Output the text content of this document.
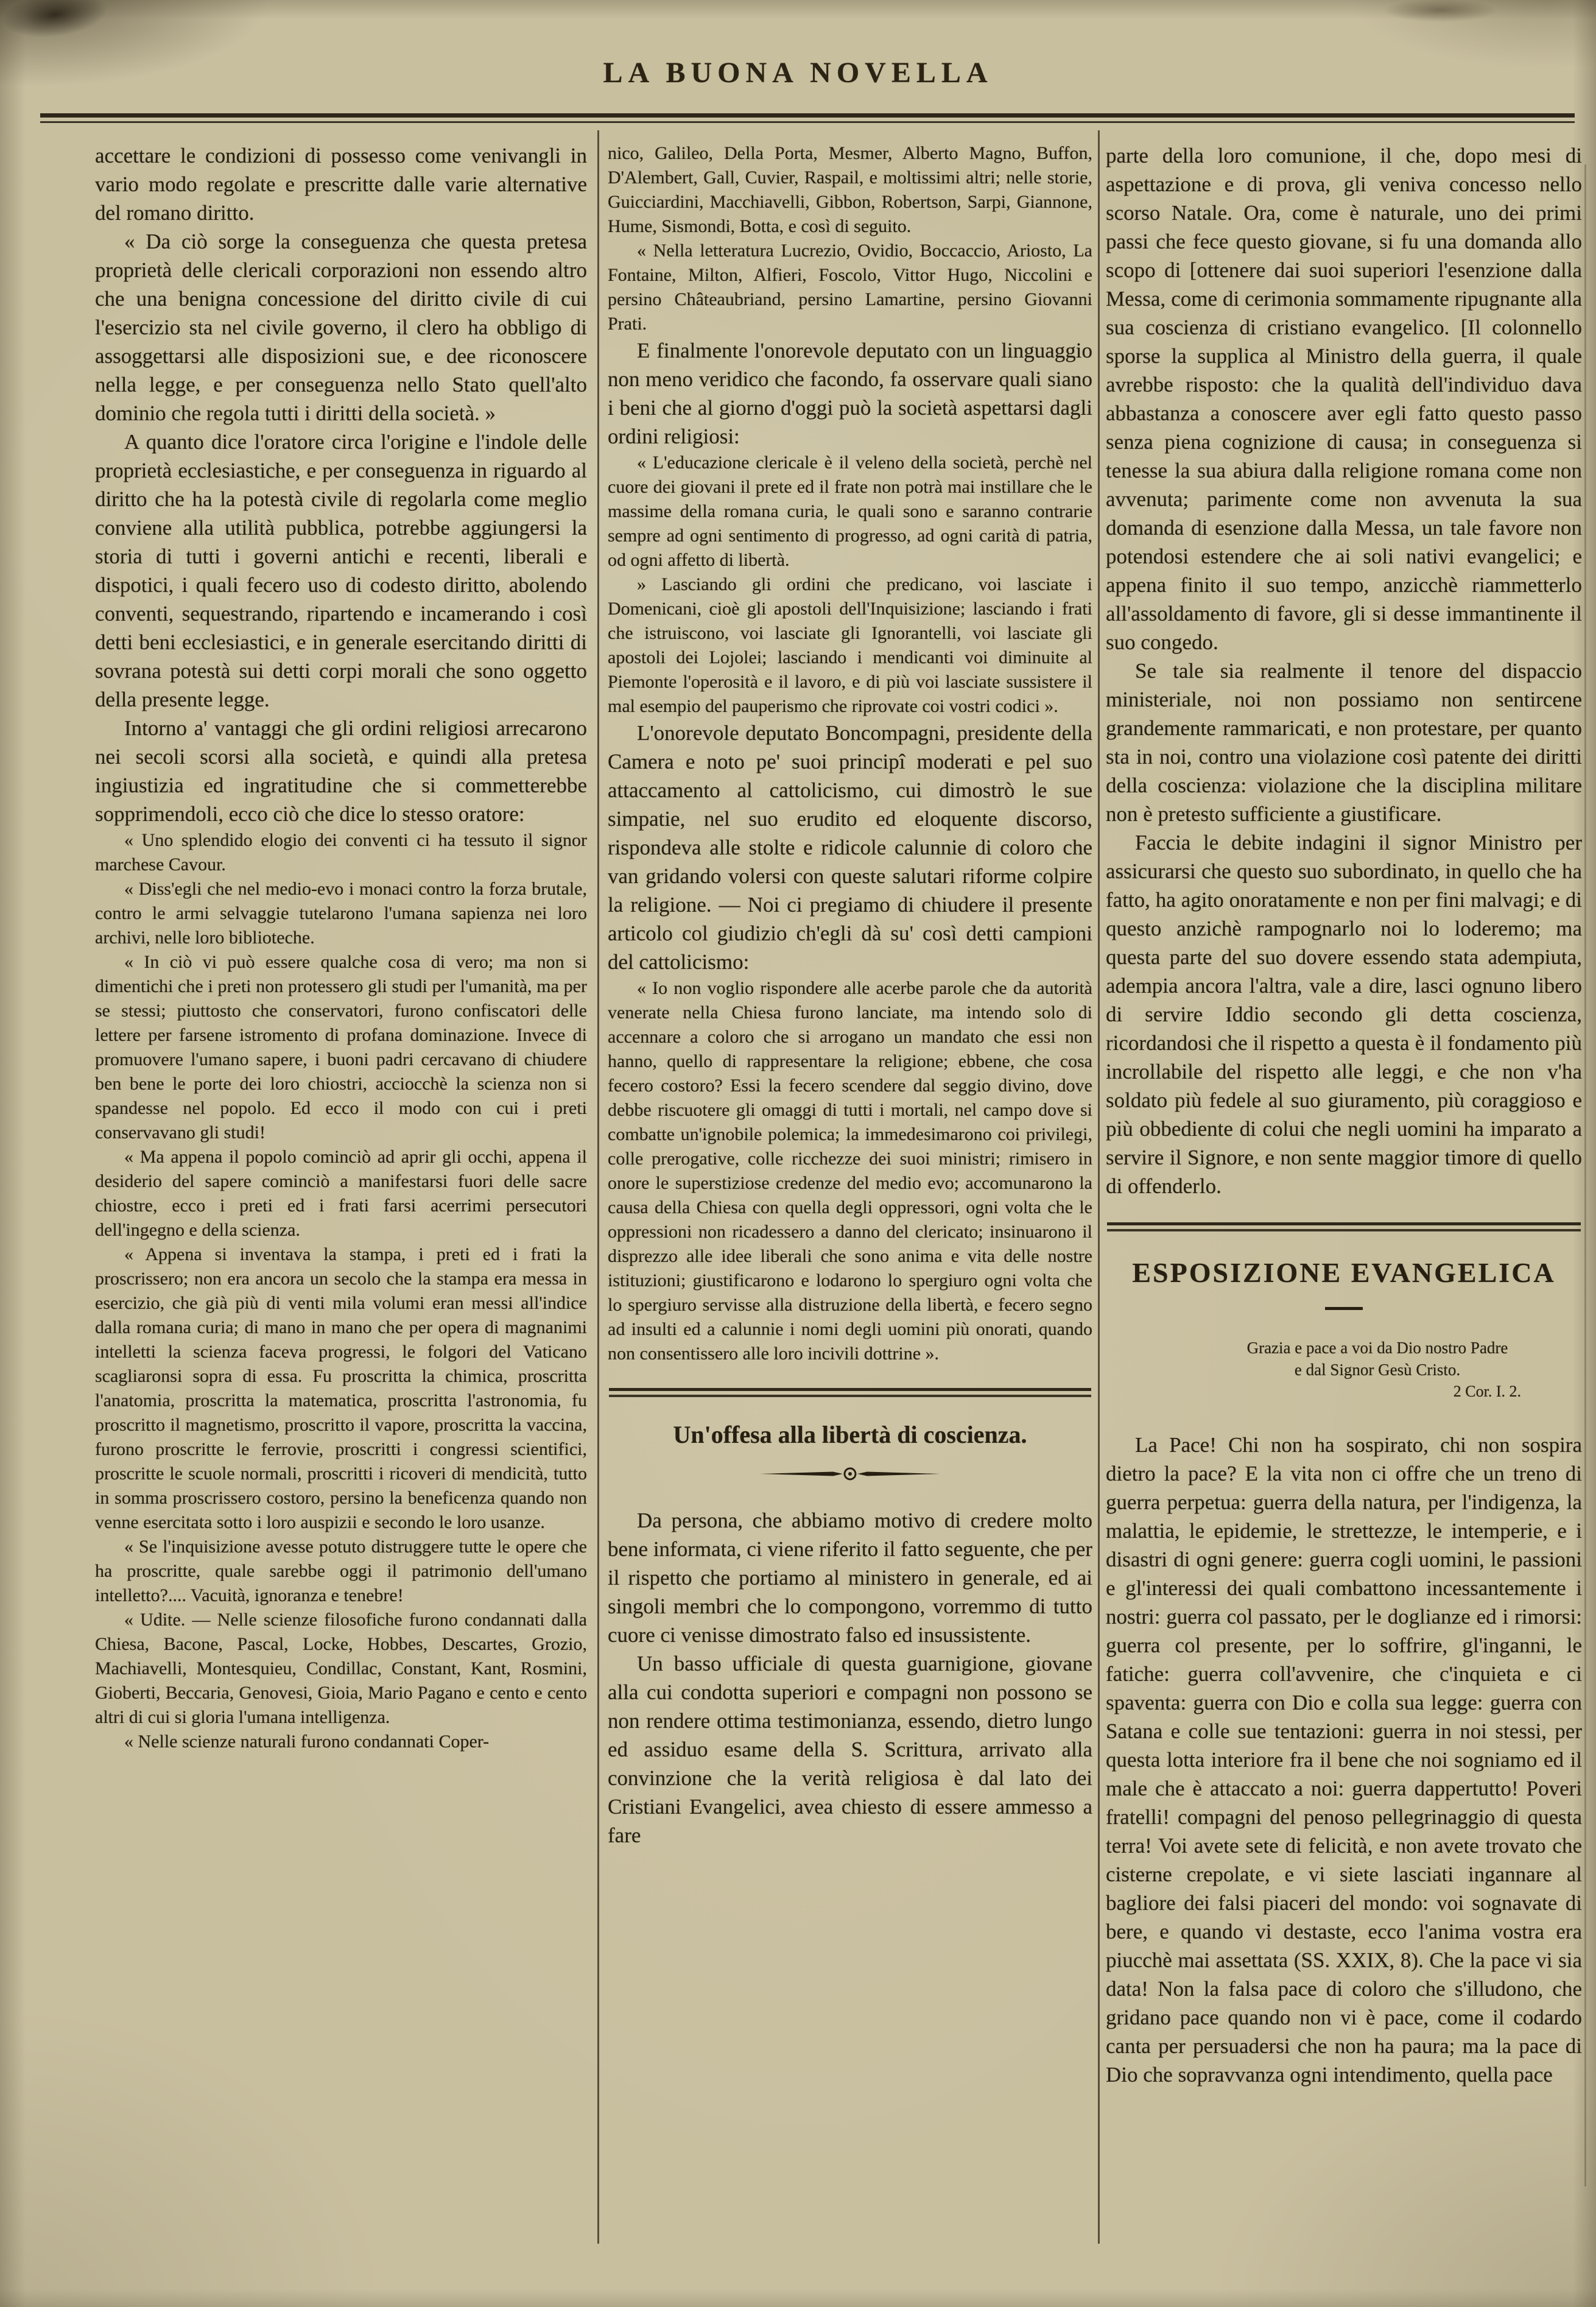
LA BUONA NOVELLA

accettare le condizioni di possesso come venivangli in vario modo regolate e prescritte dalle varie alternative del romano diritto.

« Da ciò sorge la conseguenza che questa pretesa proprietà delle clericali corporazioni non essendo altro che una benigna concessione del diritto civile di cui l'esercizio sta nel civile governo, il clero ha obbligo di assoggettarsi alle disposizioni sue, e dee riconoscere nella legge, e per conseguenza nello Stato quell'alto dominio che regola tutti i diritti della società. »

A quanto dice l'oratore circa l'origine e l'indole delle proprietà ecclesiastiche, e per conseguenza in riguardo al diritto che ha la potestà civile di regolarla come meglio conviene alla utilità pubblica, potrebbe aggiungersi la storia di tutti i governi antichi e recenti, liberali e dispotici, i quali fecero uso di codesto diritto, abolendo conventi, sequestrando, ripartendo e incamerando i così detti beni ecclesiastici, e in generale esercitando diritti di sovrana potestà sui detti corpi morali che sono oggetto della presente legge.

Intorno a' vantaggi che gli ordini religiosi arrecarono nei secoli scorsi alla società, e quindi alla pretesa ingiustizia ed ingratitudine che si commetterebbe sopprimendoli, ecco ciò che dice lo stesso oratore:

« Uno splendido elogio dei conventi ci ha tessuto il signor marchese Cavour.

« Diss'egli che nel medio-evo i monaci contro la forza brutale, contro le armi selvaggie tutelarono l'umana sapienza nei loro archivi, nelle loro biblioteche.

« In ciò vi può essere qualche cosa di vero; ma non si dimentichi che i preti non protessero gli studi per l'umanità, ma per se stessi; piuttosto che conservatori, furono confiscatori delle lettere per farsene istromento di profana dominazione. Invece di promuovere l'umano sapere, i buoni padri cercavano di chiudere ben bene le porte dei loro chiostri, acciocchè la scienza non si spandesse nel popolo. Ed ecco il modo con cui i preti conservavano gli studi!

« Ma appena il popolo cominciò ad aprir gli occhi, appena il desiderio del sapere cominciò a manifestarsi fuori delle sacre chiostre, ecco i preti ed i frati farsi acerrimi persecutori dell'ingegno e della scienza.

« Appena si inventava la stampa, i preti ed i frati la proscrissero; non era ancora un secolo che la stampa era messa in esercizio, che già più di venti mila volumi eran messi all'indice dalla romana curia; di mano in mano che per opera di magnanimi intelletti la scienza faceva progressi, le folgori del Vaticano scagliaronsi sopra di essa. Fu proscritta la chimica, proscritta l'anatomia, proscritta la matematica, proscritta l'astronomia, fu proscritto il magnetismo, proscritto il vapore, proscritta la vaccina, furono proscritte le ferrovie, proscritti i congressi scientifici, proscritte le scuole normali, proscritti i ricoveri di mendicità, tutto in somma proscrissero costoro, persino la beneficenza quando non venne esercitata sotto i loro auspizii e secondo le loro usanze.

« Se l'inquisizione avesse potuto distruggere tutte le opere che ha proscritte, quale sarebbe oggi il patrimonio dell'umano intelletto?.... Vacuità, ignoranza e tenebre!

« Udite. — Nelle scienze filosofiche furono condannati dalla Chiesa, Bacone, Pascal, Locke, Hobbes, Descartes, Grozio, Machiavelli, Montesquieu, Condillac, Constant, Kant, Rosmini, Gioberti, Beccaria, Genovesi, Gioia, Mario Pagano e cento e cento altri di cui si gloria l'umana intelligenza.

« Nelle scienze naturali furono condannati Coper-

nico, Galileo, Della Porta, Mesmer, Alberto Magno, Buffon, D'Alembert, Gall, Cuvier, Raspail, e moltissimi altri; nelle storie, Guicciardini, Macchiavelli, Gibbon, Robertson, Sarpi, Giannone, Hume, Sismondi, Botta, e così di seguito.

« Nella letteratura Lucrezio, Ovidio, Boccaccio, Ariosto, La Fontaine, Milton, Alfieri, Foscolo, Vittor Hugo, Niccolini e persino Châteaubriand, persino Lamartine, persino Giovanni Prati.

E finalmente l'onorevole deputato con un linguaggio non meno veridico che facondo, fa osservare quali siano i beni che al giorno d'oggi può la società aspettarsi dagli ordini religiosi:

« L'educazione clericale è il veleno della società, perchè nel cuore dei giovani il prete ed il frate non potrà mai instillare che le massime della romana curia, le quali sono e saranno contrarie sempre ad ogni sentimento di progresso, ad ogni carità di patria, od ogni affetto di libertà.

» Lasciando gli ordini che predicano, voi lasciate i Domenicani, cioè gli apostoli dell'Inquisizione; lasciando i frati che istruiscono, voi lasciate gli Ignorantelli, voi lasciate gli apostoli dei Lojolei; lasciando i mendicanti voi diminuite al Piemonte l'operosità e il lavoro, e di più voi lasciate sussistere il mal esempio del pauperismo che riprovate coi vostri codici ».

L'onorevole deputato Boncompagni, presidente della Camera e noto pe' suoi principî moderati e pel suo attaccamento al cattolicismo, cui dimostrò le sue simpatie, nel suo erudito ed eloquente discorso, rispondeva alle stolte e ridicole calunnie di coloro che van gridando volersi con queste salutari riforme colpire la religione. — Noi ci pregiamo di chiudere il presente articolo col giudizio ch'egli dà su' così detti campioni del cattolicismo:

« Io non voglio rispondere alle acerbe parole che da autorità venerate nella Chiesa furono lanciate, ma intendo solo di accennare a coloro che si arrogano un mandato che essi non hanno, quello di rappresentare la religione; ebbene, che cosa fecero costoro? Essi la fecero scendere dal seggio divino, dove debbe riscuotere gli omaggi di tutti i mortali, nel campo dove si combatte un'ignobile polemica; la immedesimarono coi privilegi, colle prerogative, colle ricchezze dei suoi ministri; rimisero in onore le superstiziose credenze del medio evo; accomunarono la causa della Chiesa con quella degli oppressori, ogni volta che le oppressioni non ricadessero a danno del clericato; insinuarono il disprezzo alle idee liberali che sono anima e vita delle nostre istituzioni; giustificarono e lodarono lo spergiuro ogni volta che lo spergiuro servisse alla distruzione della libertà, e fecero segno ad insulti ed a calunnie i nomi degli uomini più onorati, quando non consentissero alle loro incivili dottrine ».

Un'offesa alla libertà di coscienza.

Da persona, che abbiamo motivo di credere molto bene informata, ci viene riferito il fatto seguente, che per il rispetto che portiamo al ministero in generale, ed ai singoli membri che lo compongono, vorremmo di tutto cuore ci venisse dimostrato falso ed insussistente.

Un basso ufficiale di questa guarnigione, giovane alla cui condotta superiori e compagni non possono se non rendere ottima testimonianza, essendo, dietro lungo ed assiduo esame della S. Scrittura, arrivato alla convinzione che la verità religiosa è dal lato dei Cristiani Evangelici, avea chiesto di essere ammesso a fare

parte della loro comunione, il che, dopo mesi di aspettazione e di prova, gli veniva concesso nello scorso Natale. Ora, come è naturale, uno dei primi passi che fece questo giovane, si fu una domanda allo scopo di [ottenere dai suoi superiori l'esenzione dalla Messa, come di cerimonia sommamente ripugnante alla sua coscienza di cristiano evangelico. [Il colonnello sporse la supplica al Ministro della guerra, il quale avrebbe risposto: che la qualità dell'individuo dava abbastanza a conoscere aver egli fatto questo passo senza piena cognizione di causa; in conseguenza si tenesse la sua abiura dalla religione romana come non avvenuta; parimente come non avvenuta la sua domanda di esenzione dalla Messa, un tale favore non potendosi estendere che ai soli nativi evangelici; e appena finito il suo tempo, anzicchè riammetterlo all'assoldamento di favore, gli si desse immantinente il suo congedo.

Se tale sia realmente il tenore del dispaccio ministeriale, noi non possiamo non sentircene grandemente rammaricati, e non protestare, per quanto sta in noi, contro una violazione così patente dei diritti della coscienza: violazione che la disciplina militare non è pretesto sufficiente a giustificare.

Faccia le debite indagini il signor Ministro per assicurarsi che questo suo subordinato, in quello che ha fatto, ha agito onoratamente e non per fini malvagi; e di questo anzichè rampognarlo noi lo loderemo; ma questa parte del suo dovere essendo stata adempiuta, adempia ancora l'altra, vale a dire, lasci ognuno libero di servire Iddio secondo gli detta coscienza, ricordandosi che il rispetto a questa è il fondamento più incrollabile del rispetto alle leggi, e che non v'ha soldato più fedele al suo giuramento, più coraggioso e più obbediente di colui che negli uomini ha imparato a servire il Signore, e non sente maggior timore di quello di offenderlo.

ESPOSIZIONE EVANGELICA
Grazia e pace a voi da Dio nostro Padre
e dal Signor Gesù Cristo.
2 Cor. I. 2.

La Pace! Chi non ha sospirato, chi non sospira dietro la pace? E la vita non ci offre che un treno di guerra perpetua: guerra della natura, per l'indigenza, la malattia, le epidemie, le strettezze, le intemperie, e i disastri di ogni genere: guerra cogli uomini, le passioni e gl'interessi dei quali combattono incessantemente i nostri: guerra col passato, per le doglianze ed i rimorsi: guerra col presente, per lo soffrire, gl'inganni, le fatiche: guerra coll'avvenire, che c'inquieta e ci spaventa: guerra con Dio e colla sua legge: guerra con Satana e colle sue tentazioni: guerra in noi stessi, per questa lotta interiore fra il bene che noi sogniamo ed il male che è attaccato a noi: guerra dappertutto! Poveri fratelli! compagni del penoso pellegrinaggio di questa terra! Voi avete sete di felicità, e non avete trovato che cisterne crepolate, e vi siete lasciati ingannare al bagliore dei falsi piaceri del mondo: voi sognavate di bere, e quando vi destaste, ecco l'anima vostra era piucchè mai assettata (SS. XXIX, 8). Che la pace vi sia data! Non la falsa pace di coloro che s'illudono, che gridano pace quando non vi è pace, come il codardo canta per persuadersi che non ha paura; ma la pace di Dio che sopravvanza ogni intendimento, quella pace
